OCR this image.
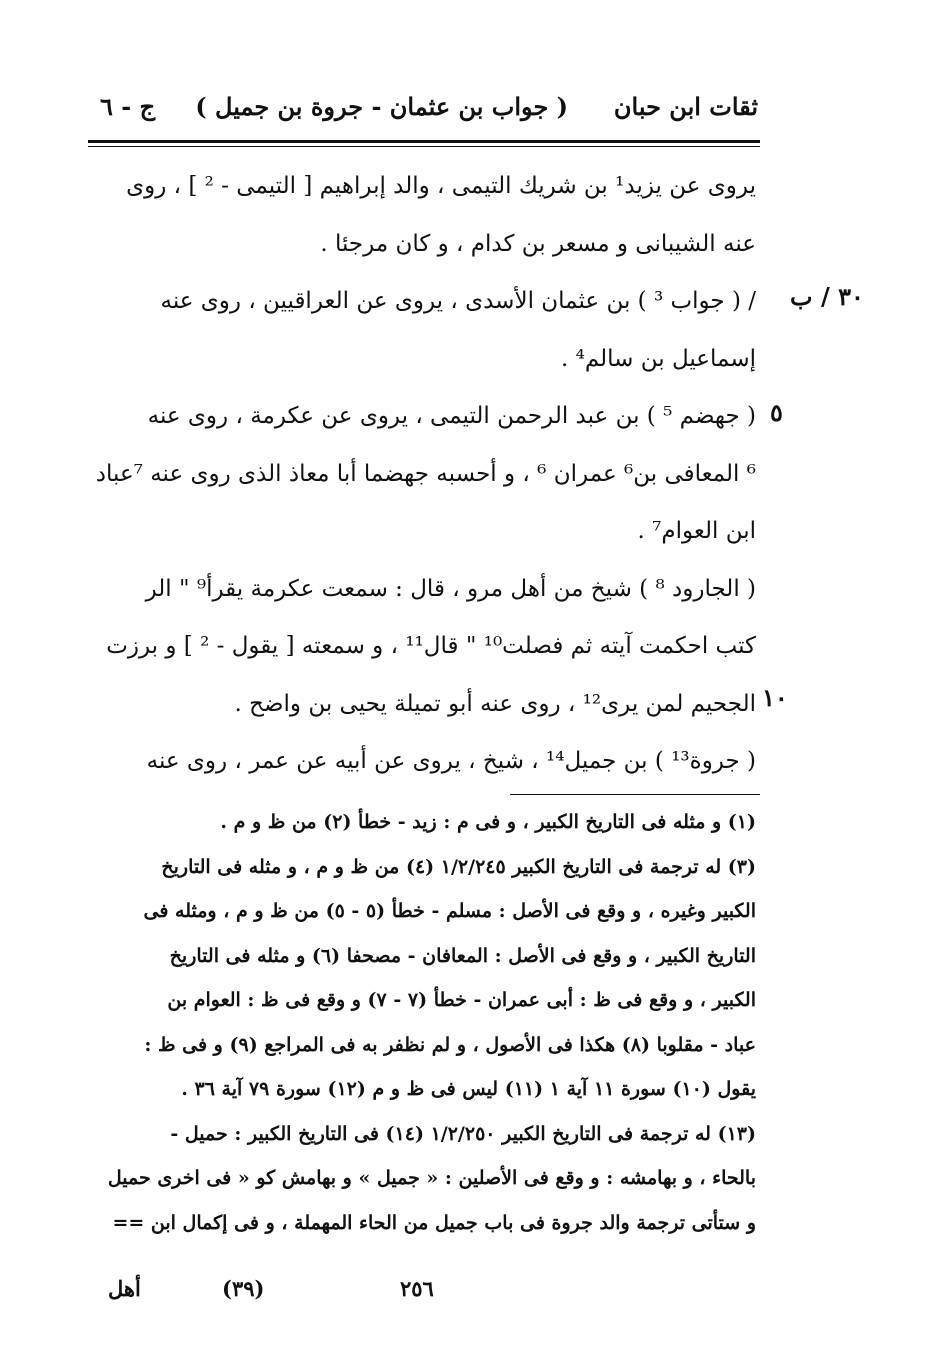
ثقات ابن حبان
( جواب بن عثمان - جروة بن جميل )
ج - ٦
٣٠ / ب
٥
١٠
يروى عن يزيد¹ بن شريك التيمى ، والد إبراهيم [ التيمى - ² ] ، روى
عنه الشيبانى و مسعر بن كدام ، و كان مرجئا .
/ ( جواب ³ ) بن عثمان الأسدى ، يروى عن العراقيين ، روى عنه
إسماعيل بن سالم⁴ .
( جهضم ⁵ ) بن عبد الرحمن التيمى ، يروى عن عكرمة ، روى عنه
⁶ المعافى بن⁶ عمران ⁶ ، و أحسبه جهضما أبا معاذ الذى روى عنه ⁷عباد
ابن العوام⁷ .
( الجارود ⁸ ) شيخ من أهل مرو ، قال : سمعت عكرمة يقرأ⁹ " الر
كتب احكمت آيته ثم فصلت¹⁰ " قال¹¹ ، و سمعته [ يقول - ² ] و برزت
الجحيم لمن يرى¹² ، روى عنه أبو تميلة يحيى بن واضح .
( جروة¹³ ) بن جميل¹⁴ ، شيخ ، يروى عن أبيه عن عمر ، روى عنه
(١) و مثله فى التاريخ الكبير ، و فى م : زيد - خطأ (٢) من ظ و م .
(٣) له ترجمة فى التاريخ الكبير ١/٢/٢٤٥ (٤) من ظ و م ، و مثله فى التاريخ
الكبير وغيره ، و وقع فى الأصل : مسلم - خطأ (٥ - ٥) من ظ و م ، ومثله فى
التاريخ الكبير ، و وقع فى الأصل : المعافان - مصحفا (٦) و مثله فى التاريخ
الكبير ، و وقع فى ظ : أبى عمران - خطأ (٧ - ٧) و وقع فى ظ : العوام بن
عباد - مقلوبا (٨) هكذا فى الأصول ، و لم نظفر به فى المراجع (٩) و فى ظ :
يقول (١٠) سورة ١١ آية ١ (١١) ليس فى ظ و م (١٢) سورة ٧٩ آية ٣٦ .
(١٣) له ترجمة فى التاريخ الكبير ١/٢/٢٥٠ (١٤) فى التاريخ الكبير : حميل -
بالحاء ، و بهامشه : و وقع فى الأصلين : « جميل » و بهامش كو « فى اخرى حميل
و ستأتى ترجمة والد جروة فى باب جميل من الحاء المهملة ، و فى إكمال ابن ==
٢٥٦
(٣٩)
أهل
